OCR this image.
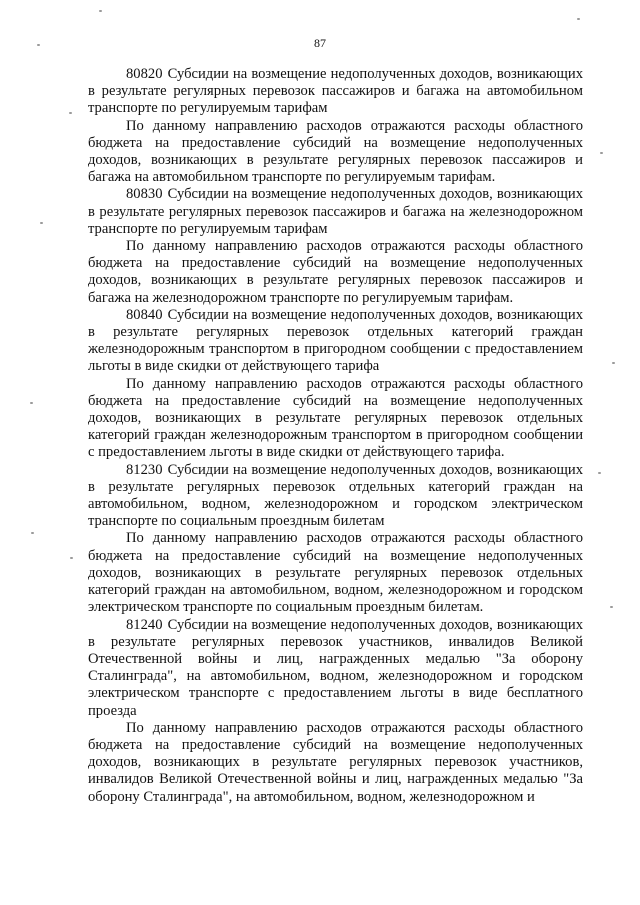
87

80820 Субсидии на возмещение недополученных доходов, возникающих в результате регулярных перевозок пассажиров и багажа на автомобильном транспорте по регулируемым тарифам

По данному направлению расходов отражаются расходы областного бюджета на предоставление субсидий на возмещение недополученных доходов, возникающих в результате регулярных перевозок пассажиров и багажа на автомобильном транспорте по регулируемым тарифам.

80830 Субсидии на возмещение недополученных доходов, возникающих в результате регулярных перевозок пассажиров и багажа на железнодорожном транспорте по регулируемым тарифам

По данному направлению расходов отражаются расходы областного бюджета на предоставление субсидий на возмещение недополученных доходов, возникающих в результате регулярных перевозок пассажиров и багажа на железнодорожном транспорте по регулируемым тарифам.

80840 Субсидии на возмещение недополученных доходов, возникающих в результате регулярных перевозок отдельных категорий граждан железнодорожным транспортом в пригородном сообщении с предоставлением льготы в виде скидки от действующего тарифа

По данному направлению расходов отражаются расходы областного бюджета на предоставление субсидий на возмещение недополученных доходов, возникающих в результате регулярных перевозок отдельных категорий граждан железнодорожным транспортом в пригородном сообщении с предоставлением льготы в виде скидки от действующего тарифа.

81230 Субсидии на возмещение недополученных доходов, возникающих в результате регулярных перевозок отдельных категорий граждан на автомобильном, водном, железнодорожном и городском электрическом транспорте по социальным проездным билетам

По данному направлению расходов отражаются расходы областного бюджета на предоставление субсидий на возмещение недополученных доходов, возникающих в результате регулярных перевозок отдельных категорий граждан на автомобильном, водном, железнодорожном и городском электрическом транспорте по социальным проездным билетам.

81240 Субсидии на возмещение недополученных доходов, возникающих в результате регулярных перевозок участников, инвалидов Великой Отечественной войны и лиц, награжденных медалью "За оборону Сталинграда", на автомобильном, водном, железнодорожном и городском электрическом транспорте с предоставлением льготы в виде бесплатного проезда

По данному направлению расходов отражаются расходы областного бюджета на предоставление субсидий на возмещение недополученных доходов, возникающих в результате регулярных перевозок участников, инвалидов Великой Отечественной войны и лиц, награжденных медалью "За оборону Сталинграда", на автомобильном, водном, железнодорожном и
